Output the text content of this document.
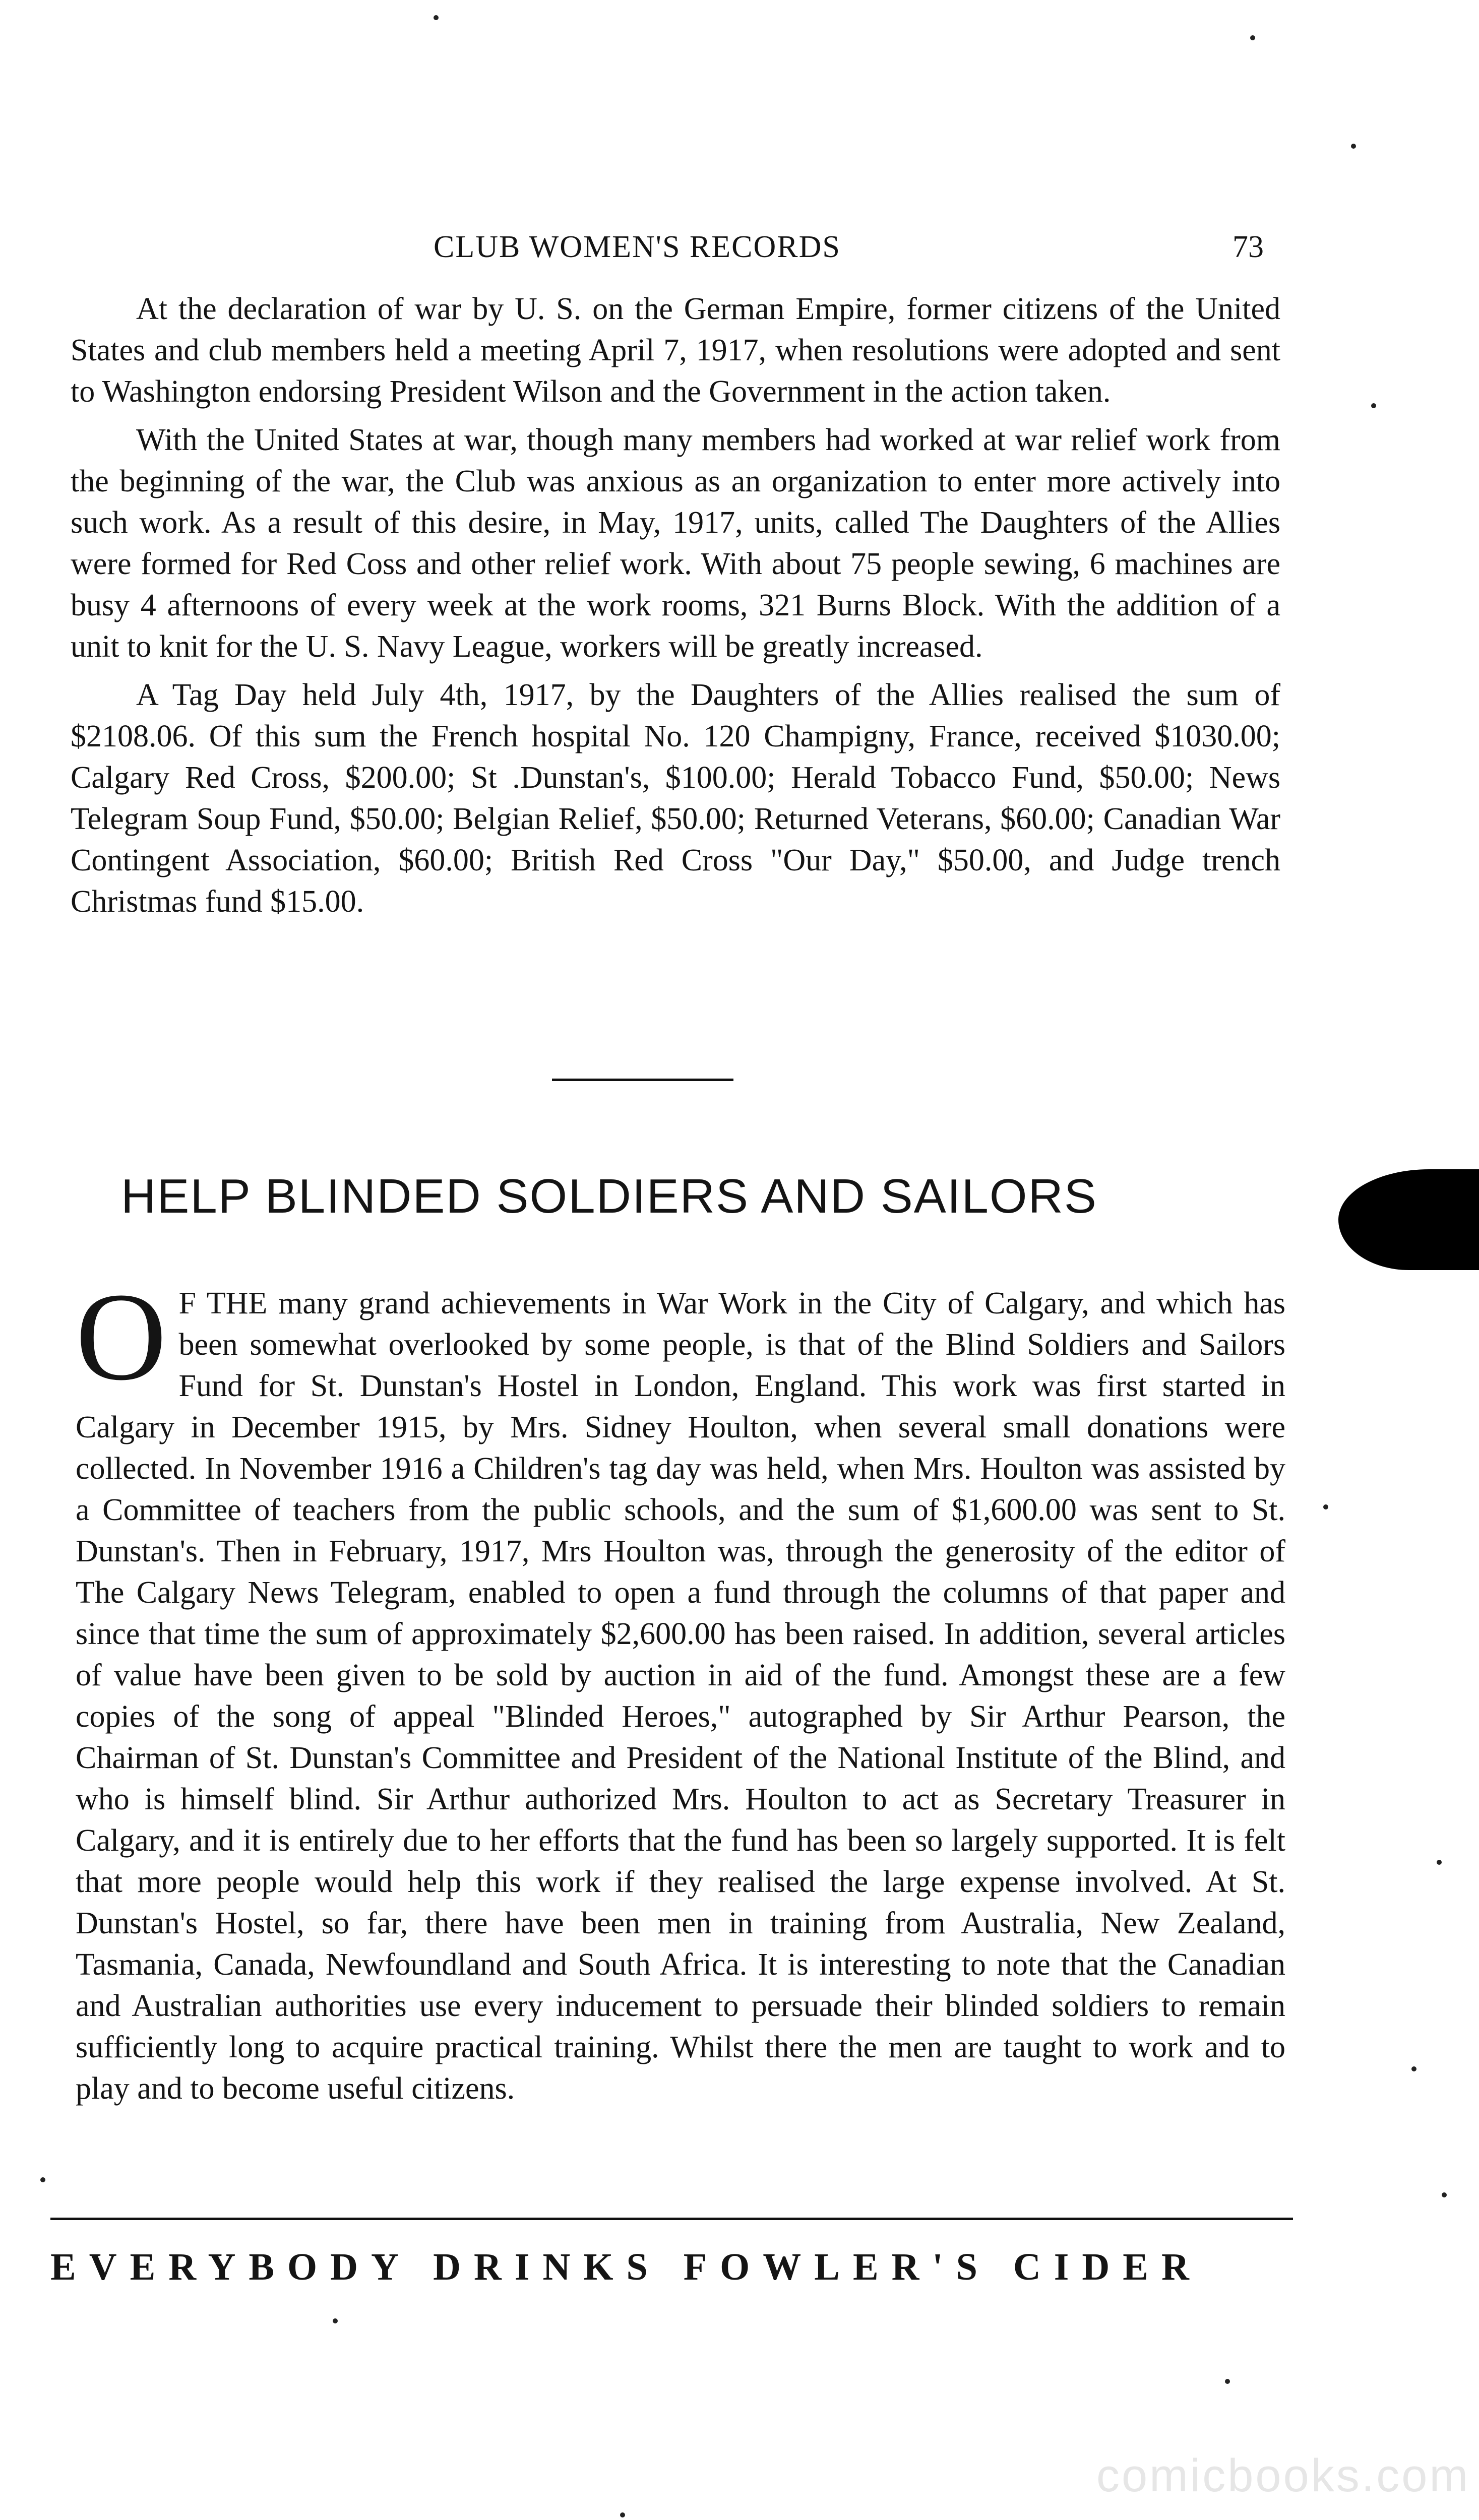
CLUB WOMEN'S RECORDS	73

At the declaration of war by U. S. on the German Empire, former citizens of the United States and club members held a meeting April 7, 1917, when resolutions were adopted and sent to Washington endorsing President Wilson and the Government in the action taken.

With the United States at war, though many members had worked at war relief work from the beginning of the war, the Club was anxious as an organization to enter more actively into such work. As a result of this desire, in May, 1917, units, called The Daughters of the Allies were formed for Red Coss and other relief work. With about 75 people sewing, 6 machines are busy 4 afternoons of every week at the work rooms, 321 Burns Block. With the addition of a unit to knit for the U. S. Navy League, workers will be greatly increased.

A Tag Day held July 4th, 1917, by the Daughters of the Allies realised the sum of $2108.06. Of this sum the French hospital No. 120 Champigny, France, received $1030.00; Calgary Red Cross, $200.00; St .Dunstan's, $100.00; Herald Tobacco Fund, $50.00; News Telegram Soup Fund, $50.00; Belgian Relief, $50.00; Returned Veterans, $60.00; Canadian War Contingent Association, $60.00; British Red Cross "Our Day," $50.00, and Judge trench Christmas fund $15.00.

HELP BLINDED SOLDIERS AND SAILORS
O F THE many grand achievements in War Work in the City of Calgary, and which has been somewhat overlooked by some people, is that of the Blind Soldiers and Sailors Fund for St. Dunstan's Hostel in London, England. This work was first started in Calgary in December 1915, by Mrs. Sidney Houlton, when several small donations were collected. In November 1916 a Children's tag day was held, when Mrs. Houlton was assisted by a Committee of teachers from the public schools, and the sum of $1,600.00 was sent to St. Dunstan's. Then in February, 1917, Mrs Houlton was, through the generosity of the editor of The Calgary News Telegram, enabled to open a fund through the columns of that paper and since that time the sum of approximately $2,600.00 has been raised. In addition, several articles of value have been given to be sold by auction in aid of the fund. Amongst these are a few copies of the song of appeal "Blinded Heroes," autographed by Sir Arthur Pearson, the Chairman of St. Dunstan's Committee and President of the National Institute of the Blind, and who is himself blind. Sir Arthur authorized Mrs. Houlton to act as Secretary Treasurer in Calgary, and it is entirely due to her efforts that the fund has been so largely supported. It is felt that more people would help this work if they realised the large expense involved. At St. Dunstan's Hostel, so far, there have been men in training from Australia, New Zealand, Tasmania, Canada, Newfoundland and South Africa. It is interesting to note that the Canadian and Australian authorities use every inducement to persuade their blinded soldiers to remain sufficiently long to acquire practical training. Whilst there the men are taught to work and to play and to become useful citizens.

EVERYBODY DRINKS FOWLER'S CIDER
comicbooks.com
